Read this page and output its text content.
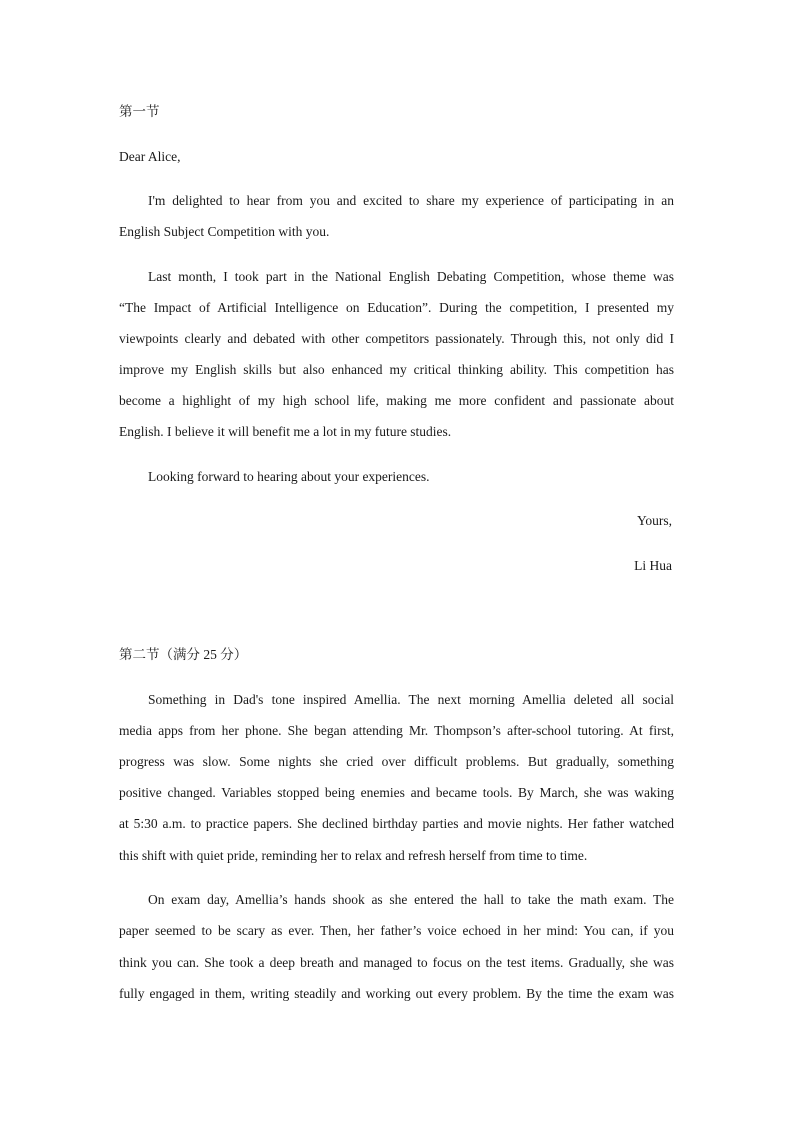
第一节
Dear Alice,
I'm delighted to hear from you and excited to share my experience of participating in an
English Subject Competition with you.
Last month, I took part in the National English Debating Competition, whose theme was
“The Impact of Artificial Intelligence on Education”. During the competition, I presented my
viewpoints clearly and debated with other competitors passionately. Through this, not only did I
improve my English skills but also enhanced my critical thinking ability. This competition has
become a highlight of my high school life, making me more confident and passionate about
English. I believe it will benefit me a lot in my future studies.
Looking forward to hearing about your experiences.
Yours,
Li Hua
第二节（满分 25 分）
Something in Dad's tone inspired Amellia. The next morning Amellia deleted all social
media apps from her phone. She began attending Mr. Thompson’s after-school tutoring. At first,
progress was slow. Some nights she cried over difficult problems. But gradually, something
positive changed. Variables stopped being enemies and became tools. By March, she was waking
at 5:30 a.m. to practice papers. She declined birthday parties and movie nights. Her father watched
this shift with quiet pride, reminding her to relax and refresh herself from time to time.
On exam day, Amellia’s hands shook as she entered the hall to take the math exam. The
paper seemed to be scary as ever. Then, her father’s voice echoed in her mind: You can, if you
think you can. She took a deep breath and managed to focus on the test items. Gradually, she was
fully engaged in them, writing steadily and working out every problem. By the time the exam was
